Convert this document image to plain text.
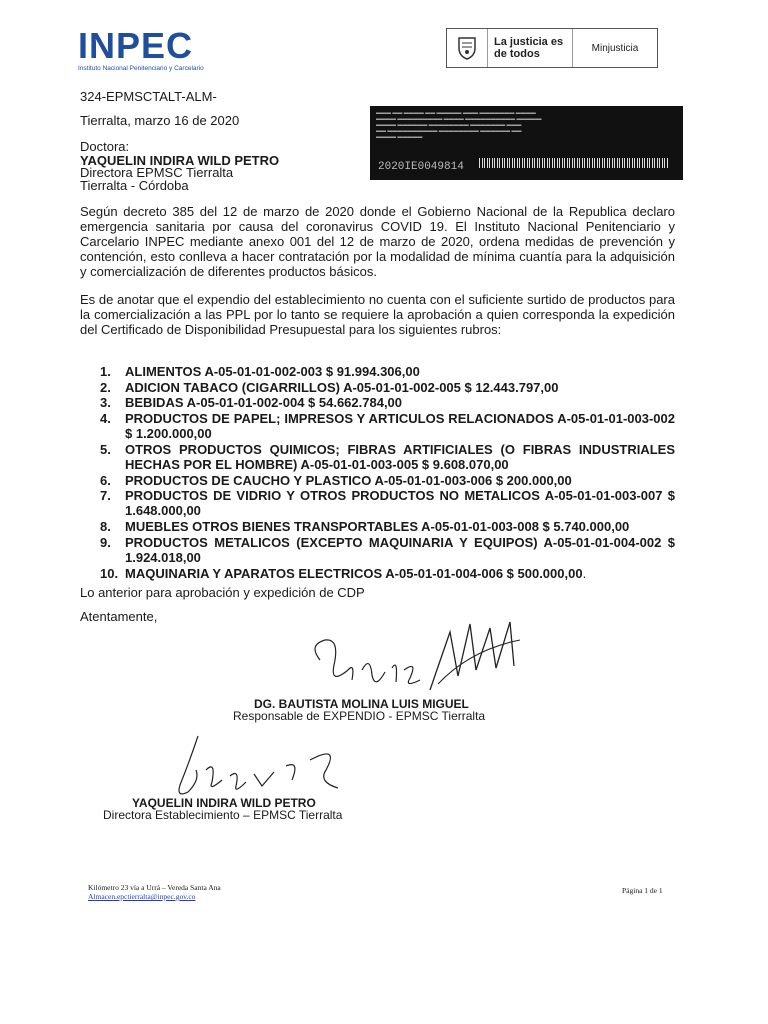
INPEC
Instituto Nacional Penitenciario y Carcelario
La justicia es de todos	Minjusticia
324-EPMSCTALT-ALM-
Tierralta, marzo 16 de 2020	▬▬▬ ▬▬ ▬▬▬▬ ▬▬ ▬▬▬▬▬ ▬▬▬ ▬▬▬▬▬▬▬ ▬▬▬▬
▬▬▬▬ ▬▬▬▬▬▬▬▬▬ ▬▬▬▬ ▬▬▬▬▬▬▬▬▬▬ ▬▬▬▬▬
▬▬▬▬ ▬▬▬▬▬▬ ▬▬▬▬▬▬▬▬ ▬▬▬▬▬▬▬ ▬▬▬
▬▬ ▬▬▬▬▬▬▬▬▬▬ ▬▬▬▬▬▬▬▬ ▬▬▬▬▬▬ ▬▬
▬▬▬▬ ▬▬▬▬▬
2020IE0049814
Doctora:
YAQUELIN INDIRA WILD PETRO
Directora EPMSC Tierralta
Tierralta - Córdoba
Según decreto 385 del 12 de marzo de 2020 donde el Gobierno Nacional de la Republica declaro emergencia sanitaria por causa del coronavirus COVID 19. El Instituto Nacional Penitenciario y Carcelario INPEC mediante anexo 001 del 12 de marzo de 2020, ordena medidas de prevención y contención, esto conlleva a hacer contratación por la modalidad de mínima cuantía para la adquisición y comercialización de diferentes productos básicos.
Es de anotar que el expendio del establecimiento no cuenta con el suficiente surtido de productos para la comercialización a las PPL por lo tanto se requiere la aprobación a quien corresponda la expedición del Certificado de Disponibilidad Presupuestal para los siguientes rubros:
1. ALIMENTOS A-05-01-01-002-003 $ 91.994.306,00
2. ADICION TABACO (CIGARRILLOS) A-05-01-01-002-005 $ 12.443.797,00
3. BEBIDAS A-05-01-01-002-004 $ 54.662.784,00
4. PRODUCTOS DE PAPEL; IMPRESOS Y ARTICULOS RELACIONADOS A-05-01-01-003-002 $ 1.200.000,00
5. OTROS PRODUCTOS QUIMICOS; FIBRAS ARTIFICIALES (O FIBRAS INDUSTRIALES HECHAS POR EL HOMBRE) A-05-01-01-003-005 $ 9.608.070,00
6. PRODUCTOS DE CAUCHO Y PLASTICO A-05-01-01-003-006 $ 200.000,00
7. PRODUCTOS DE VIDRIO Y OTROS PRODUCTOS NO METALICOS A-05-01-01-003-007 $ 1.648.000,00
8. MUEBLES OTROS BIENES TRANSPORTABLES A-05-01-01-003-008 $ 5.740.000,00
9. PRODUCTOS METALICOS (EXCEPTO MAQUINARIA Y EQUIPOS) A-05-01-01-004-002 $ 1.924.018,00
10. MAQUINARIA Y APARATOS ELECTRICOS A-05-01-01-004-006 $ 500.000,00.
Lo anterior para aprobación y expedición de CDP
Atentamente,
DG. BAUTISTA MOLINA LUIS MIGUEL
Responsable de EXPENDIO - EPMSC Tierralta
YAQUELIN INDIRA WILD PETRO
Directora Establecimiento – EPMSC Tierralta
Kilómetro 23 vía a Urrá – Vereda Santa Ana
Almacen.epctierralta@inpec.gov.co
Página 1 de 1
